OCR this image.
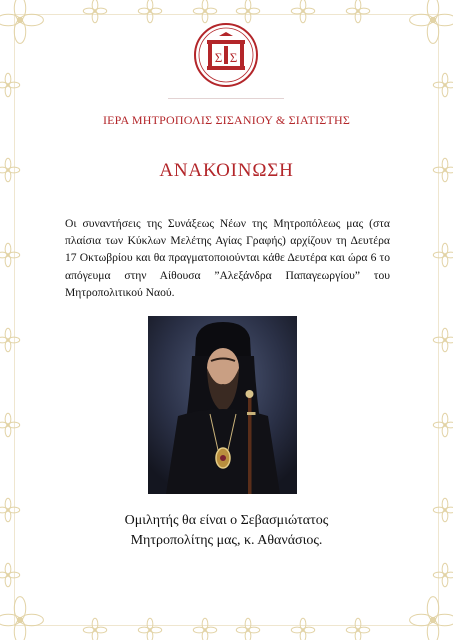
Σ Σ
ΙΕΡΑ ΜΗΤΡΟΠΟΛΙΣ ΣΙΣΑΝΙΟΥ & ΣΙΑΤΙΣΤΗΣ
ΑΝΑΚΟΙΝΩΣΗ
Οι συναντήσεις της Συνάξεως Νέων της Μητροπόλεως μας (στα πλαίσια των Κύκλων Μελέτης Αγίας Γραφής) αρχίζουν τη Δευτέρα 17 Οκτωβρίου και θα πραγματοποιούνται κάθε Δευτέρα και ώρα 6 το απόγευμα στην Αίθουσα ”Αλεξάνδρα Παπαγεωργίου” του Μητροπολιτικού Ναού.
Ομιλητής θα είναι ο Σεβασμιώτατος
Μητροπολίτης μας, κ. Αθανάσιος.
